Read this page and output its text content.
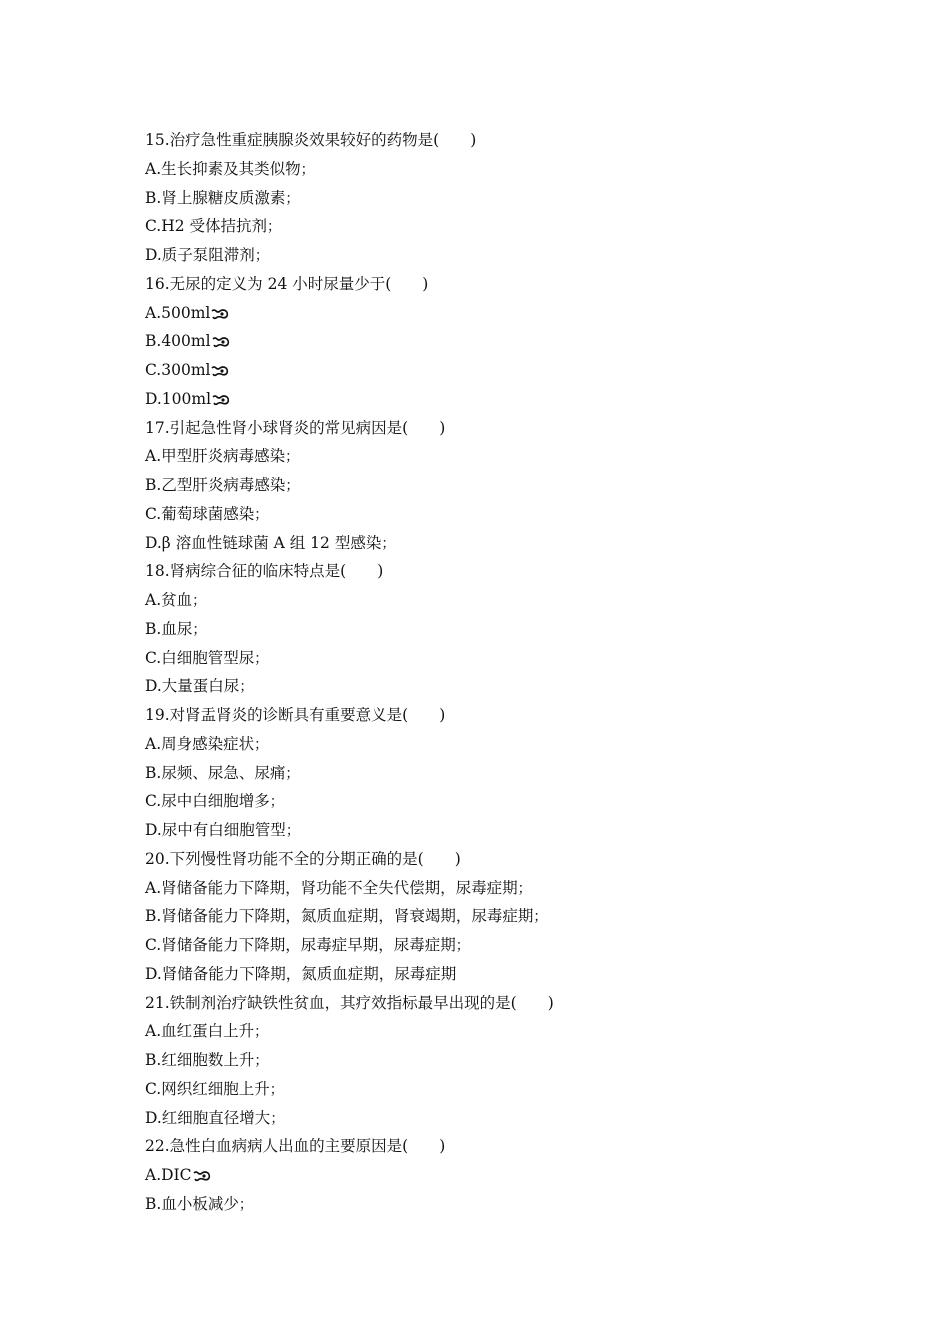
15.治疗急性重症胰腺炎效果较好的药物是(　　)
A.生长抑素及其类似物；
B.肾上腺糖皮质激素；
C.H2 受体拮抗剂；
D.质子泵阻滞剂；
16.无尿的定义为 24 小时尿量少于(　　)
A.500ml
B.400ml
C.300ml
D.100ml
17.引起急性肾小球肾炎的常见病因是(　　)
A.甲型肝炎病毒感染；
B.乙型肝炎病毒感染；
C.葡萄球菌感染；
D.β 溶血性链球菌 A 组 12 型感染；
18.肾病综合征的临床特点是(　　)
A.贫血；
B.血尿；
C.白细胞管型尿；
D.大量蛋白尿；
19.对肾盂肾炎的诊断具有重要意义是(　　)
A.周身感染症状；
B.尿频、尿急、尿痛；
C.尿中白细胞增多；
D.尿中有白细胞管型；
20.下列慢性肾功能不全的分期正确的是(　　)
A.肾储备能力下降期，肾功能不全失代偿期，尿毒症期；
B.肾储备能力下降期，氮质血症期，肾衰竭期，尿毒症期；
C.肾储备能力下降期，尿毒症早期，尿毒症期；
D.肾储备能力下降期，氮质血症期，尿毒症期
21.铁制剂治疗缺铁性贫血，其疗效指标最早出现的是(　　)
A.血红蛋白上升；
B.红细胞数上升；
C.网织红细胞上升；
D.红细胞直径增大；
22.急性白血病病人出血的主要原因是(　　)
A.DIC
B.血小板减少；
